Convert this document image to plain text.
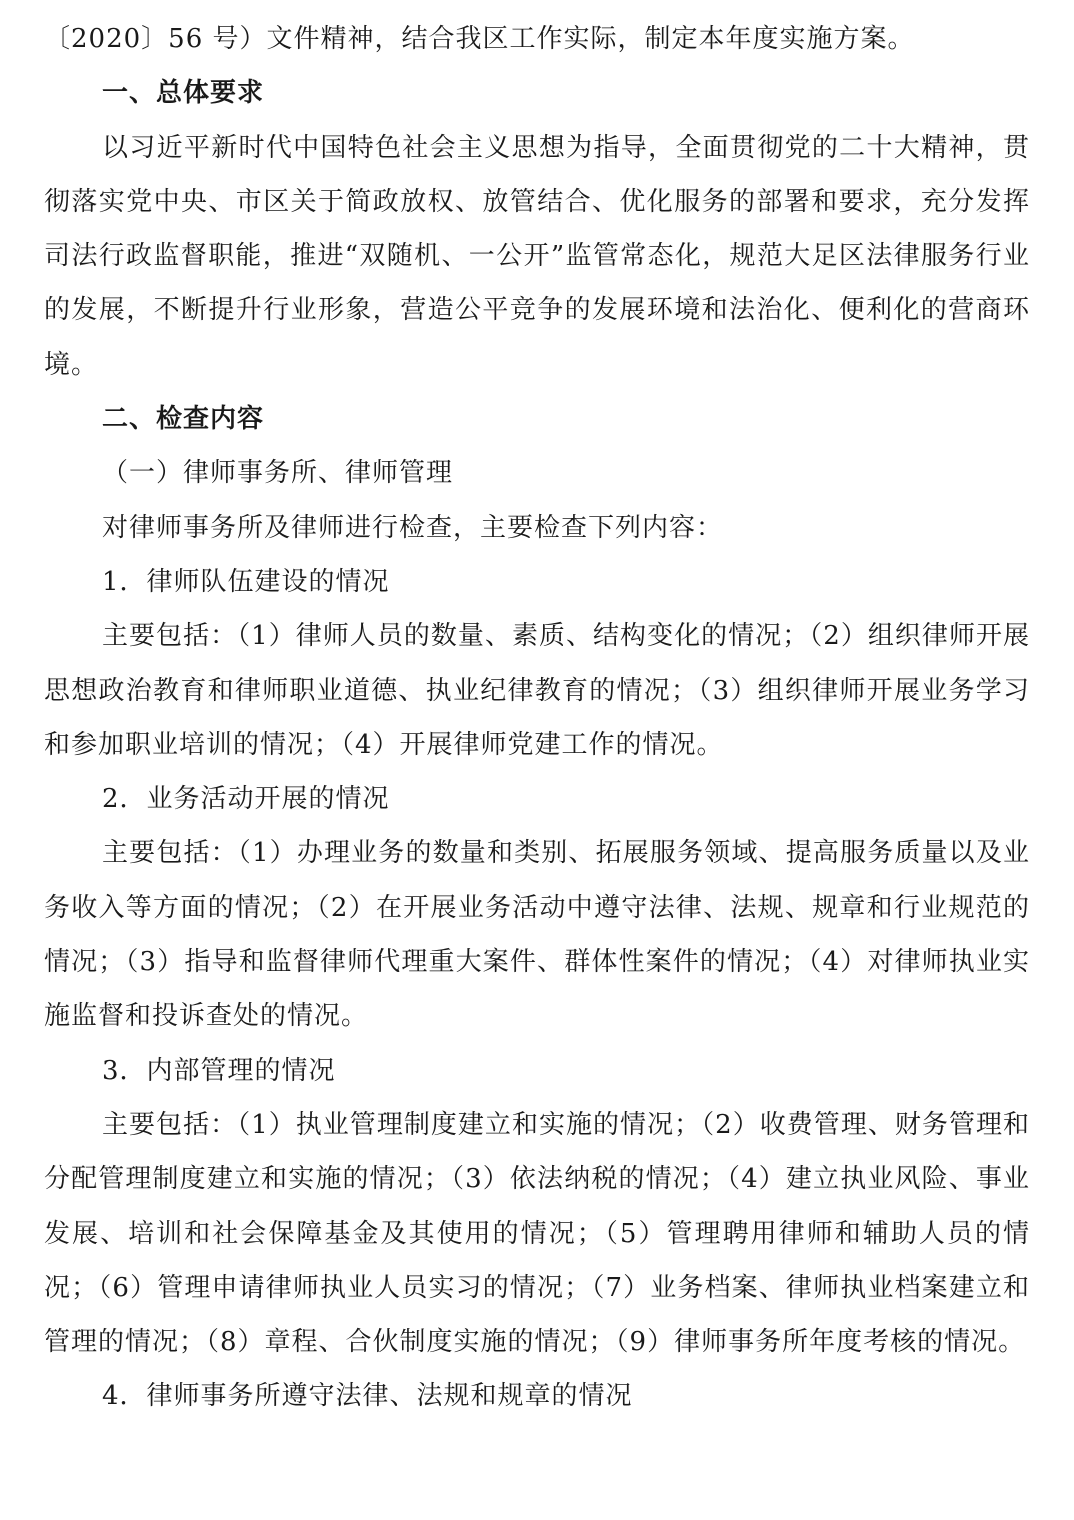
〔2020〕56 号）文件精神，结合我区工作实际，制定本年度实施方案。

一、总体要求

以习近平新时代中国特色社会主义思想为指导，全面贯彻党的二十大精神，贯彻落实党中央、市区关于简政放权、放管结合、优化服务的部署和要求，充分发挥司法行政监督职能，推进“双随机、一公开”监管常态化，规范大足区法律服务行业的发展，不断提升行业形象，营造公平竞争的发展环境和法治化、便利化的营商环境。

二、检查内容

（一）律师事务所、律师管理

对律师事务所及律师进行检查，主要检查下列内容：

1．律师队伍建设的情况

主要包括：（1）律师人员的数量、素质、结构变化的情况；（2）组织律师开展思想政治教育和律师职业道德、执业纪律教育的情况；（3）组织律师开展业务学习和参加职业培训的情况；（4）开展律师党建工作的情况。

2．业务活动开展的情况

主要包括：（1）办理业务的数量和类别、拓展服务领域、提高服务质量以及业务收入等方面的情况；（2）在开展业务活动中遵守法律、法规、规章和行业规范的情况；（3）指导和监督律师代理重大案件、群体性案件的情况；（4）对律师执业实施监督和投诉查处的情况。

3．内部管理的情况

主要包括：（1）执业管理制度建立和实施的情况；（2）收费管理、财务管理和分配管理制度建立和实施的情况；（3）依法纳税的情况；（4）建立执业风险、事业发展、培训和社会保障基金及其使用的情况；（5）管理聘用律师和辅助人员的情况；（6）管理申请律师执业人员实习的情况；（7）业务档案、律师执业档案建立和管理的情况；（8）章程、合伙制度实施的情况；（9）律师事务所年度考核的情况。

4．律师事务所遵守法律、法规和规章的情况
